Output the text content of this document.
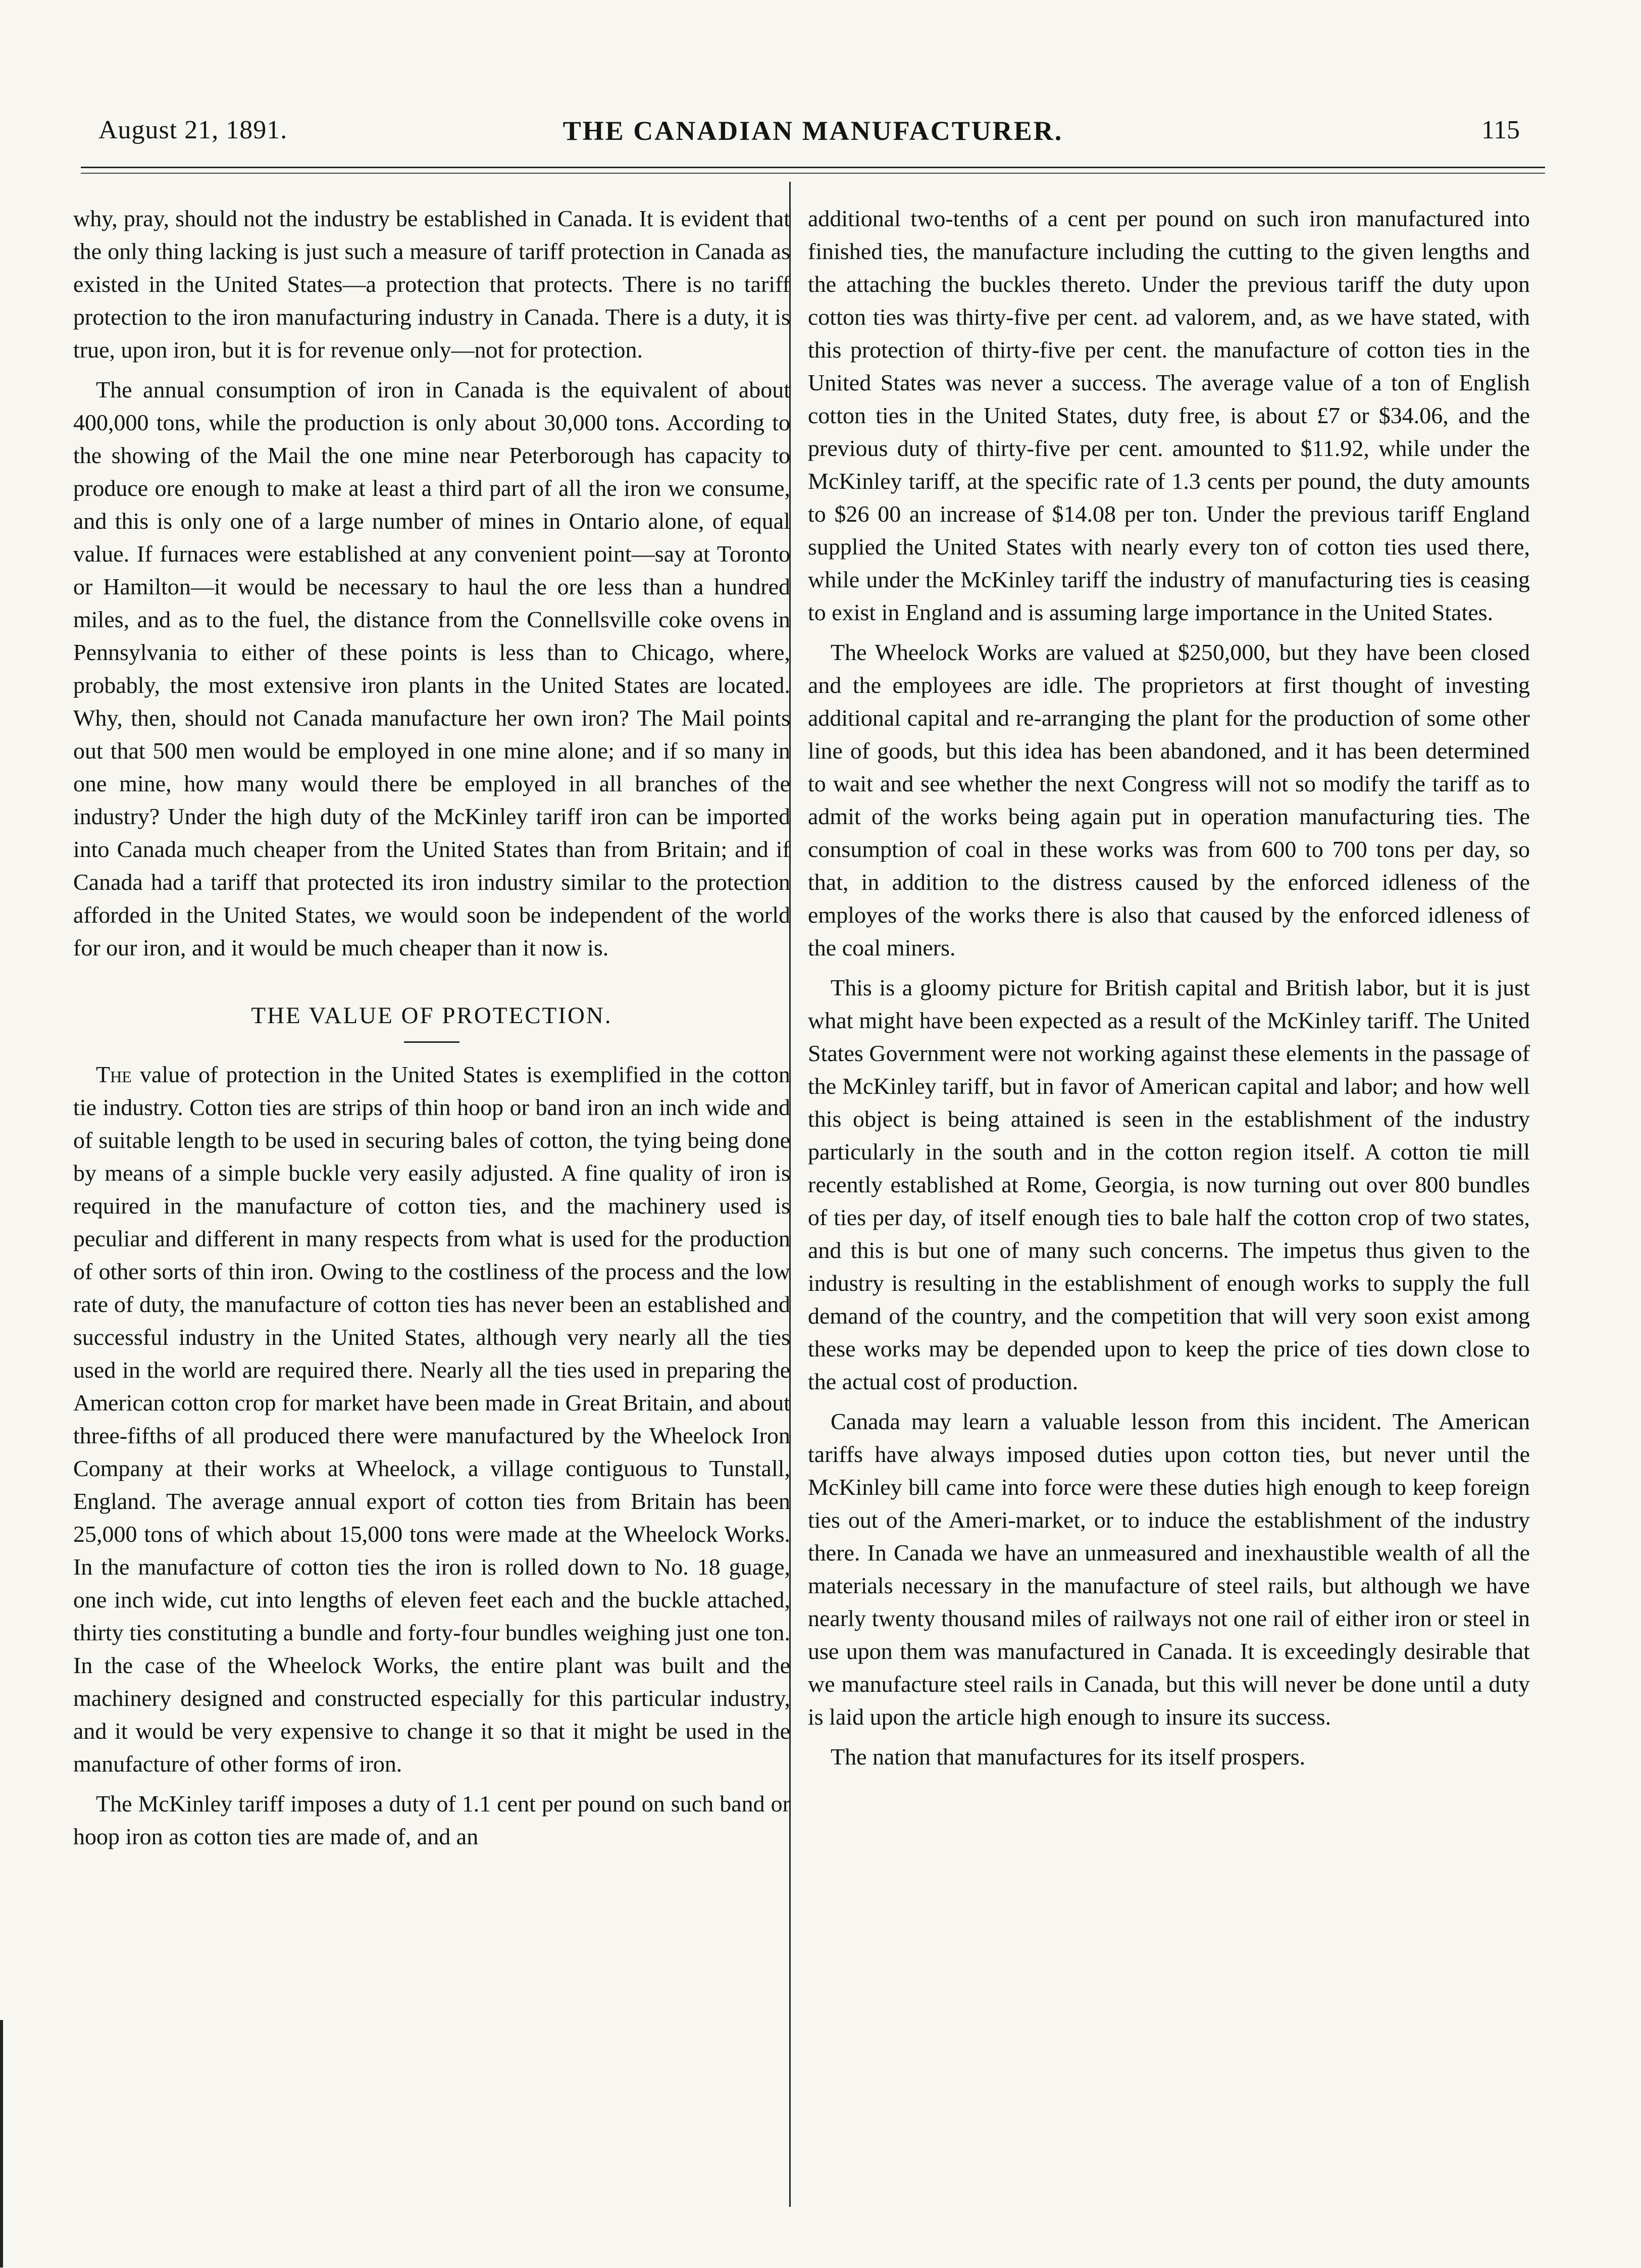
August 21, 1891.	THE CANADIAN MANUFACTURER.	115

why, pray, should not the industry be established in Canada. It is evident that the only thing lacking is just such a measure of tariff protection in Canada as existed in the United States—a protection that protects. There is no tariff protection to the iron manufacturing industry in Canada. There is a duty, it is true, upon iron, but it is for revenue only—not for protection.

The annual consumption of iron in Canada is the equivalent of about 400,000 tons, while the production is only about 30,000 tons. According to the showing of the Mail the one mine near Peterborough has capacity to produce ore enough to make at least a third part of all the iron we consume, and this is only one of a large number of mines in Ontario alone, of equal value. If furnaces were established at any convenient point—say at Toronto or Hamilton—it would be necessary to haul the ore less than a hundred miles, and as to the fuel, the distance from the Connellsville coke ovens in Pennsylvania to either of these points is less than to Chicago, where, probably, the most extensive iron plants in the United States are located. Why, then, should not Canada manufacture her own iron? The Mail points out that 500 men would be employed in one mine alone; and if so many in one mine, how many would there be employed in all branches of the industry? Under the high duty of the McKinley tariff iron can be imported into Canada much cheaper from the United States than from Britain; and if Canada had a tariff that protected its iron industry similar to the protection afforded in the United States, we would soon be independent of the world for our iron, and it would be much cheaper than it now is.

THE VALUE OF PROTECTION.

The value of protection in the United States is exemplified in the cotton tie industry. Cotton ties are strips of thin hoop or band iron an inch wide and of suitable length to be used in securing bales of cotton, the tying being done by means of a simple buckle very easily adjusted. A fine quality of iron is required in the manufacture of cotton ties, and the machinery used is peculiar and different in many respects from what is used for the production of other sorts of thin iron. Owing to the costliness of the process and the low rate of duty, the manufacture of cotton ties has never been an established and successful industry in the United States, although very nearly all the ties used in the world are required there. Nearly all the ties used in preparing the American cotton crop for market have been made in Great Britain, and about three-fifths of all produced there were manufactured by the Wheelock Iron Company at their works at Wheelock, a village contiguous to Tunstall, England. The average annual export of cotton ties from Britain has been 25,000 tons of which about 15,000 tons were made at the Wheelock Works. In the manufacture of cotton ties the iron is rolled down to No. 18 guage, one inch wide, cut into lengths of eleven feet each and the buckle attached, thirty ties constituting a bundle and forty-four bundles weighing just one ton. In the case of the Wheelock Works, the entire plant was built and the machinery designed and constructed especially for this particular industry, and it would be very expensive to change it so that it might be used in the manufacture of other forms of iron.

The McKinley tariff imposes a duty of 1.1 cent per pound on such band or hoop iron as cotton ties are made of, and an

additional two-tenths of a cent per pound on such iron manufactured into finished ties, the manufacture including the cutting to the given lengths and the attaching the buckles thereto. Under the previous tariff the duty upon cotton ties was thirty-five per cent. ad valorem, and, as we have stated, with this protection of thirty-five per cent. the manufacture of cotton ties in the United States was never a success. The average value of a ton of English cotton ties in the United States, duty free, is about £7 or $34.06, and the previous duty of thirty-five per cent. amounted to $11.92, while under the McKinley tariff, at the specific rate of 1.3 cents per pound, the duty amounts to $26 00 an increase of $14.08 per ton. Under the previous tariff England supplied the United States with nearly every ton of cotton ties used there, while under the McKinley tariff the industry of manufacturing ties is ceasing to exist in England and is assuming large importance in the United States.

The Wheelock Works are valued at $250,000, but they have been closed and the employees are idle. The proprietors at first thought of investing additional capital and re-arranging the plant for the production of some other line of goods, but this idea has been abandoned, and it has been determined to wait and see whether the next Congress will not so modify the tariff as to admit of the works being again put in operation manufacturing ties. The consumption of coal in these works was from 600 to 700 tons per day, so that, in addition to the distress caused by the enforced idleness of the employes of the works there is also that caused by the enforced idleness of the coal miners.

This is a gloomy picture for British capital and British labor, but it is just what might have been expected as a result of the McKinley tariff. The United States Government were not working against these elements in the passage of the McKinley tariff, but in favor of American capital and labor; and how well this object is being attained is seen in the establishment of the industry particularly in the south and in the cotton region itself. A cotton tie mill recently established at Rome, Georgia, is now turning out over 800 bundles of ties per day, of itself enough ties to bale half the cotton crop of two states, and this is but one of many such concerns. The impetus thus given to the industry is resulting in the establishment of enough works to supply the full demand of the country, and the competition that will very soon exist among these works may be depended upon to keep the price of ties down close to the actual cost of production.

Canada may learn a valuable lesson from this incident. The American tariffs have always imposed duties upon cotton ties, but never until the McKinley bill came into force were these duties high enough to keep foreign ties out of the Ameri-market, or to induce the establishment of the industry there. In Canada we have an unmeasured and inexhaustible wealth of all the materials necessary in the manufacture of steel rails, but although we have nearly twenty thousand miles of railways not one rail of either iron or steel in use upon them was manufactured in Canada. It is exceedingly desirable that we manufacture steel rails in Canada, but this will never be done until a duty is laid upon the article high enough to insure its success.

The nation that manufactures for its itself prospers.
